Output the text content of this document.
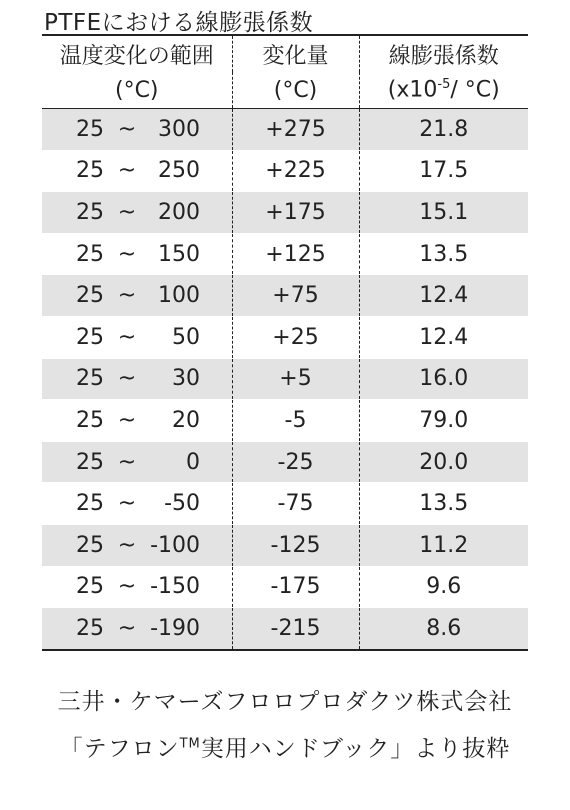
PTFEにおける線膨張係数
温度変化の範囲	変化量	線膨張係数
(°C)	(°C)	($x10^{-5}/$ °C)

25 ~ 300	+275	21.8

25 ~ 250	+225	17.5

25 ~ 200	+175	15.1

25 ~ 150	+125	13.5

25 ~ 100	+75	12.4

25 ~ 50	+25	12.4

25 ~ 30	+5	16.0

25 ~ 20	-5	79.0

25 ~ 0	-25	20.0

25 ~ -50	-75	13.5

25 ~ -100	-125	11.2

25 ~ -150	-175	9.6

25 ~ -190	-215	8.6
三井・ケマーズフロロプロダクツ株式会社
「テフロン™実用ハンドブック」より抜粋
